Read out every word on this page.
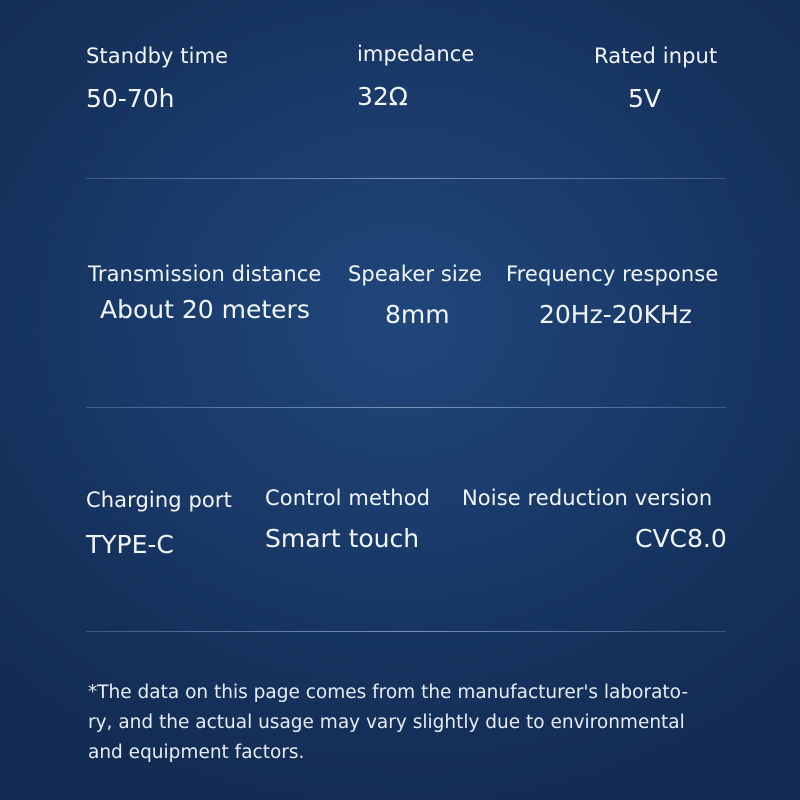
Standby time
50-70h
impedance
32Ω
Rated input
5V
Transmission distance
About 20 meters
Speaker size
8mm
Frequency response
20Hz-20KHz
Charging port
TYPE-C
Control method
Smart touch
Noise reduction version
CVC8.0
*The data on this page comes from the manufacturer's laborato-
ry, and the actual usage may vary slightly due to environmental
and equipment factors.
